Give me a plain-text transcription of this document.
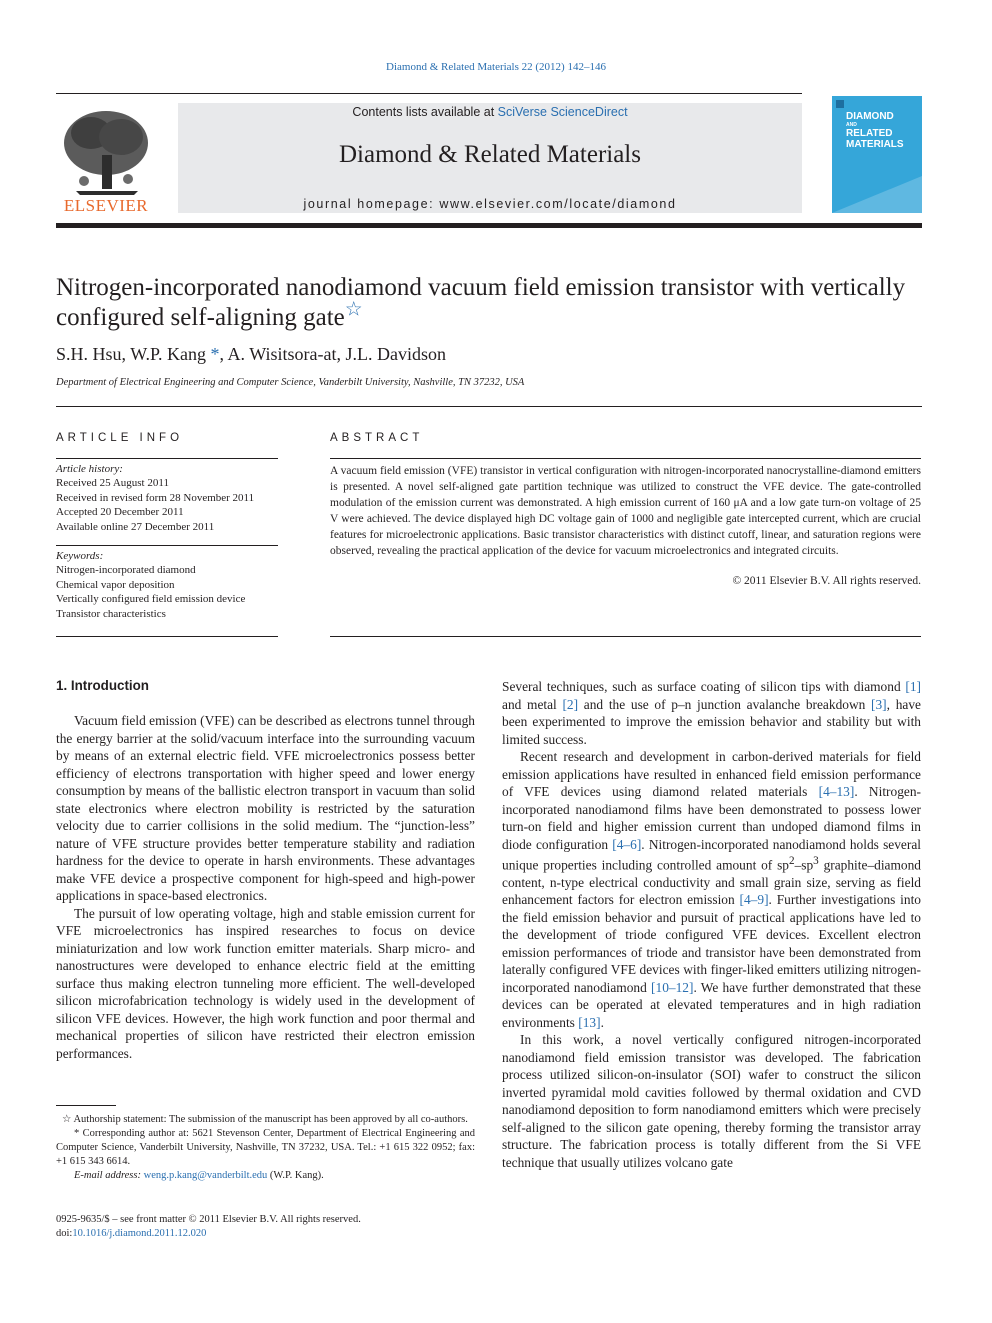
Diamond & Related Materials 22 (2012) 142–146
ELSEVIER
Contents lists available at SciVerse ScienceDirect
Diamond & Related Materials
journal homepage: www.elsevier.com/locate/diamond
DIAMOND
AND
RELATED
MATERIALS
Nitrogen-incorporated nanodiamond vacuum field emission transistor with vertically configured self-aligning gate☆
S.H. Hsu, W.P. Kang *, A. Wisitsora-at, J.L. Davidson
Department of Electrical Engineering and Computer Science, Vanderbilt University, Nashville, TN 37232, USA
ARTICLE INFO
Article history:
Received 25 August 2011
Received in revised form 28 November 2011
Accepted 20 December 2011
Available online 27 December 2011
Keywords:
Nitrogen-incorporated diamond
Chemical vapor deposition
Vertically configured field emission device
Transistor characteristics
ABSTRACT
A vacuum field emission (VFE) transistor in vertical configuration with nitrogen-incorporated nanocrystalline-diamond emitters is presented. A novel self-aligned gate partition technique was utilized to construct the VFE device. The gate-controlled modulation of the emission current was demonstrated. A high emission current of 160 μA and a low gate turn-on voltage of 25 V were achieved. The device displayed high DC voltage gain of 1000 and negligible gate intercepted current, which are crucial features for microelectronic applications. Basic transistor characteristics with distinct cutoff, linear, and saturation regions were observed, revealing the practical application of the device for vacuum microelectronics and integrated circuits.
© 2011 Elsevier B.V. All rights reserved.
1. Introduction

Vacuum field emission (VFE) can be described as electrons tunnel through the energy barrier at the solid/vacuum interface into the surrounding vacuum by means of an external electric field. VFE microelectronics possess better efficiency of electrons transportation with higher speed and lower energy consumption by means of the ballistic electron transport in vacuum than solid state electronics where electron mobility is restricted by the saturation velocity due to carrier collisions in the solid medium. The “junction-less” nature of VFE structure provides better temperature stability and radiation hardness for the device to operate in harsh environments. These advantages make VFE device a prospective component for high-speed and high-power applications in space-based electronics.

The pursuit of low operating voltage, high and stable emission current for VFE microelectronics has inspired researches to focus on device miniaturization and low work function emitter materials. Sharp micro- and nanostructures were developed to enhance electric field at the emitting surface thus making electron tunneling more efficient. The well-developed silicon microfabrication technology is widely used in the development of silicon VFE devices. However, the high work function and poor thermal and mechanical properties of silicon have restricted their electron emission performances.

Several techniques, such as surface coating of silicon tips with diamond [1] and metal [2] and the use of p–n junction avalanche breakdown [3], have been experimented to improve the emission behavior and stability but with limited success.

Recent research and development in carbon-derived materials for field emission applications have resulted in enhanced field emission performance of VFE devices using diamond related materials [4–13]. Nitrogen-incorporated nanodiamond films have been demonstrated to possess lower turn-on field and higher emission current than undoped diamond films in diode configuration [4–6]. Nitrogen-incorporated nanodiamond holds several unique properties including controlled amount of $sp^2-sp^3$ graphite–diamond content, n-type electrical conductivity and small grain size, serving as field enhancement factors for electron emission [4–9]. Further investigations into the field emission behavior and pursuit of practical applications have led to the development of triode configured VFE devices. Excellent electron emission performances of triode and transistor have been demonstrated from laterally configured VFE devices with finger-liked emitters utilizing nitrogen-incorporated nanodiamond [10–12]. We have further demonstrated that these devices can be operated at elevated temperatures and in high radiation environments [13].

In this work, a novel vertically configured nitrogen-incorporated nanodiamond field emission transistor was developed. The fabrication process utilized silicon-on-insulator (SOI) wafer to construct the silicon inverted pyramidal mold cavities followed by thermal oxidation and CVD nanodiamond deposition to form nanodiamond emitters which were precisely self-aligned to the silicon gate opening, thereby forming the transistor array structure. The fabrication process is totally different from the Si VFE technique that usually utilizes volcano gate

☆ Authorship statement: The submission of the manuscript has been approved by all co-authors.

* Corresponding author at: 5621 Stevenson Center, Department of Electrical Engineering and Computer Science, Vanderbilt University, Nashville, TN 37232, USA. Tel.: +1 615 322 0952; fax: +1 615 343 6614.

E-mail address: weng.p.kang@vanderbilt.edu (W.P. Kang).

0925-9635/$ – see front matter © 2011 Elsevier B.V. All rights reserved.
doi:10.1016/j.diamond.2011.12.020
